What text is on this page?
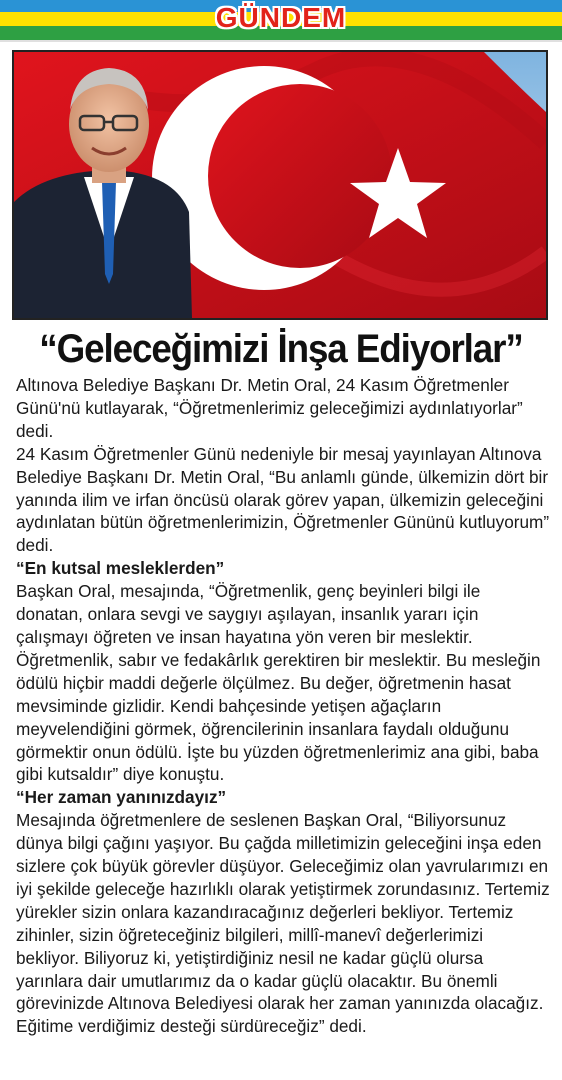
GÜNDEM
“Geleceğimizi İnşa Ediyorlar”

Altınova Belediye Başkanı Dr. Metin Oral, 24 Kasım Öğretmenler Günü'nü kutlayarak, “Öğretmenlerimiz geleceğimizi aydınlatıyorlar” dedi.

24 Kasım Öğretmenler Günü nedeniyle bir mesaj yayınlayan Altınova Belediye Başkanı Dr. Metin Oral, “Bu anlamlı günde, ülkemizin dört bir yanında ilim ve irfan öncüsü olarak görev yapan, ülkemizin geleceğini aydınlatan bütün öğretmenlerimizin, Öğretmenler Gününü kutluyorum” dedi.

“En kutsal mesleklerden”

Başkan Oral, mesajında, “Öğretmenlik, genç beyinleri bilgi ile donatan, onlara sevgi ve saygıyı aşılayan, insanlık yararı için çalışmayı öğreten ve insan hayatına yön veren bir meslektir. Öğretmenlik, sabır ve fedakârlık gerektiren bir meslektir. Bu mesleğin ödülü hiçbir maddi değerle ölçülmez. Bu değer, öğretmenin hasat mevsiminde gizlidir. Kendi bahçesinde yetişen ağaçların meyvelendiğini görmek, öğrencilerinin insanlara faydalı olduğunu görmektir onun ödülü. İşte bu yüzden öğretmenlerimiz ana gibi, baba gibi kutsaldır” diye konuştu.

“Her zaman yanınızdayız”

Mesajında öğretmenlere de seslenen Başkan Oral, “Biliyorsunuz dünya bilgi çağını yaşıyor. Bu çağda milletimizin geleceğini inşa eden sizlere çok büyük görevler düşüyor. Geleceğimiz olan yavrularımızı en iyi şekilde geleceğe hazırlıklı olarak yetiştirmek zorundasınız. Tertemiz yürekler sizin onlara kazandıracağınız değerleri bekliyor. Tertemiz zihinler, sizin öğreteceğiniz bilgileri, millî-manevî değerlerimizi bekliyor. Biliyoruz ki, yetiştirdiğiniz nesil ne kadar güçlü olursa yarınlara dair umutlarımız da o kadar güçlü olacaktır. Bu önemli görevinizde Altınova Belediyesi olarak her zaman yanınızda olacağız. Eğitime verdiğimiz desteği sürdüreceğiz” dedi.
